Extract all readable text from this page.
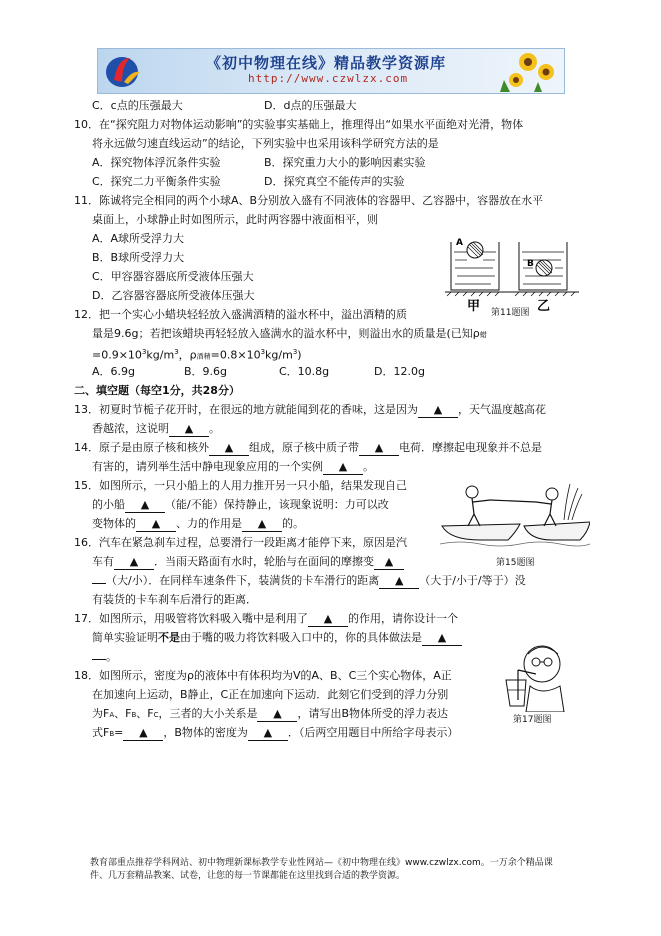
《初中物理在线》精品教学资源库
http://www.czwlzx.com
C．c点的压强最大	D．d点的压强最大
10．在“探究阻力对物体运动影响”的实验事实基础上，推理得出“如果水平面绝对光滑，物体
将永远做匀速直线运动”的结论，下列实验中也采用该科学研究方法的是
A．探究物体浮沉条件实验	B．探究重力大小的影响因素实验
C．探究二力平衡条件实验	D．探究真空不能传声的实验
11．陈诚将完全相同的两个小球A、B分别放入盛有不同液体的容器甲、乙容器中，容器放在水平
桌面上，小球静止时如图所示，此时两容器中液面相平，则
A．A球所受浮力大
B．B球所受浮力大
C．甲容器容器底所受液体压强大
D．乙容器容器底所受液体压强大
12．把一个实心小蜡块轻轻放入盛满酒精的溢水杯中，溢出酒精的质
量是9.6g；若把该蜡块再轻轻放入盛满水的溢水杯中，则溢出水的质量是(已知ρ蜡
$=0.9\times 10^3kg/m^3$，ρ酒精$=0.8\times 10^3kg/m^3$)
A．6.9g	B．9.6g	C．10.8g	D．12.0g
二、填空题（每空1分，共28分）
13．初夏时节栀子花开时，在很远的地方就能闻到花的香味，这是因为 ▲ ，天气温度越高花
香越浓，这说明 ▲ 。
14．原子是由原子核和核外 ▲ 组成，原子核中质子带 ▲ 电荷．摩擦起电现象并不总是
有害的，请列举生活中静电现象应用的一个实例 ▲ 。
15．如图所示，一只小船上的人用力推开另一只小船，结果发现自己
的小船 ▲ （能/不能）保持静止，该现象说明：力可以改
变物体的 ▲ 、力的作用是 ▲ 的。
16．汽车在紧急刹车过程，总要滑行一段距离才能停下来，原因是汽
车有 ▲ ．当雨天路面有水时，轮胎与在面间的摩擦变 ▲
（大/小）．在同样车速条件下，装满货的卡车滑行的距离 ▲ （大于/小于/等于）没
有装货的卡车刹车后滑行的距离．
17．如图所示，用吸管将饮料吸入嘴中是利用了 ▲ 的作用，请你设计一个
简单实验证明不是由于嘴的吸力将饮料吸入口中的，你的具体做法是 ▲
。
18．如图所示，密度为ρ的液体中有体积均为V的A、B、C三个实心物体，A正
在加速向上运动，B静止，C正在加速向下运动．此刻它们受到的浮力分别
为FA、FB、FC，三者的大小关系是 ▲ ，请写出B物体所受的浮力表达
式FB= ▲ ，B物体的密度为 ▲ ．（后两空用题目中所给字母表示）
A
B
甲	乙
第11题图
第15题图
第17题图
教育部重点推荐学科网站、初中物理新课标教学专业性网站—《初中物理在线》www.czwlzx.com。一万余个精品课
件、几万套精品教案、试卷，让您的每一节课都能在这里找到合适的教学资源。
